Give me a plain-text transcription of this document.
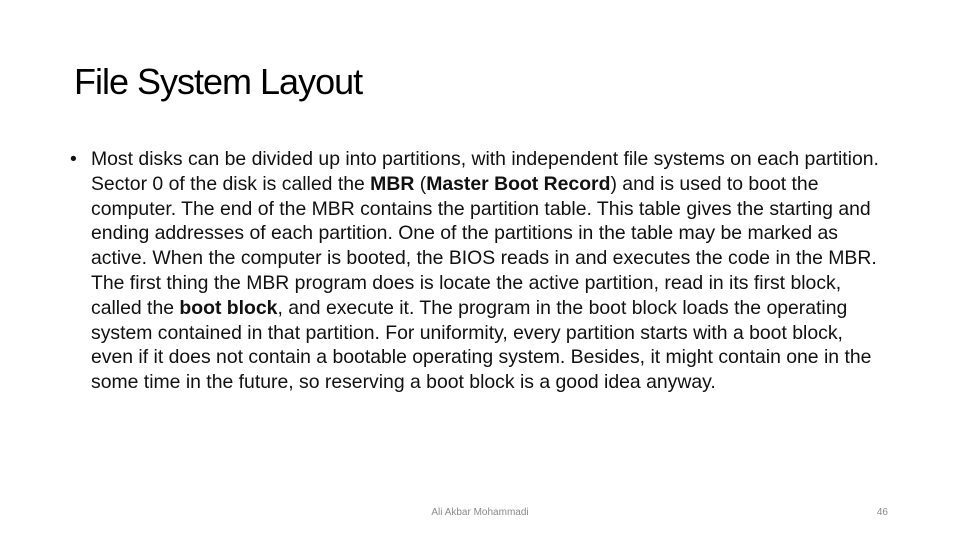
File System Layout
• Most disks can be divided up into partitions, with independent file systems on each partition. Sector 0 of the disk is called the MBR (Master Boot Record) and is used to boot the computer. The end of the MBR contains the partition table. This table gives the starting and ending addresses of each partition. One of the partitions in the table may be marked as active. When the computer is booted, the BIOS reads in and executes the code in the MBR. The first thing the MBR program does is locate the active partition, read in its first block, called the boot block, and execute it. The program in the boot block loads the operating system contained in that partition. For uniformity, every partition starts with a boot block, even if it does not contain a bootable operating system. Besides, it might contain one in the some time in the future, so reserving a boot block is a good idea anyway.

Ali Akbar Mohammadi	46
